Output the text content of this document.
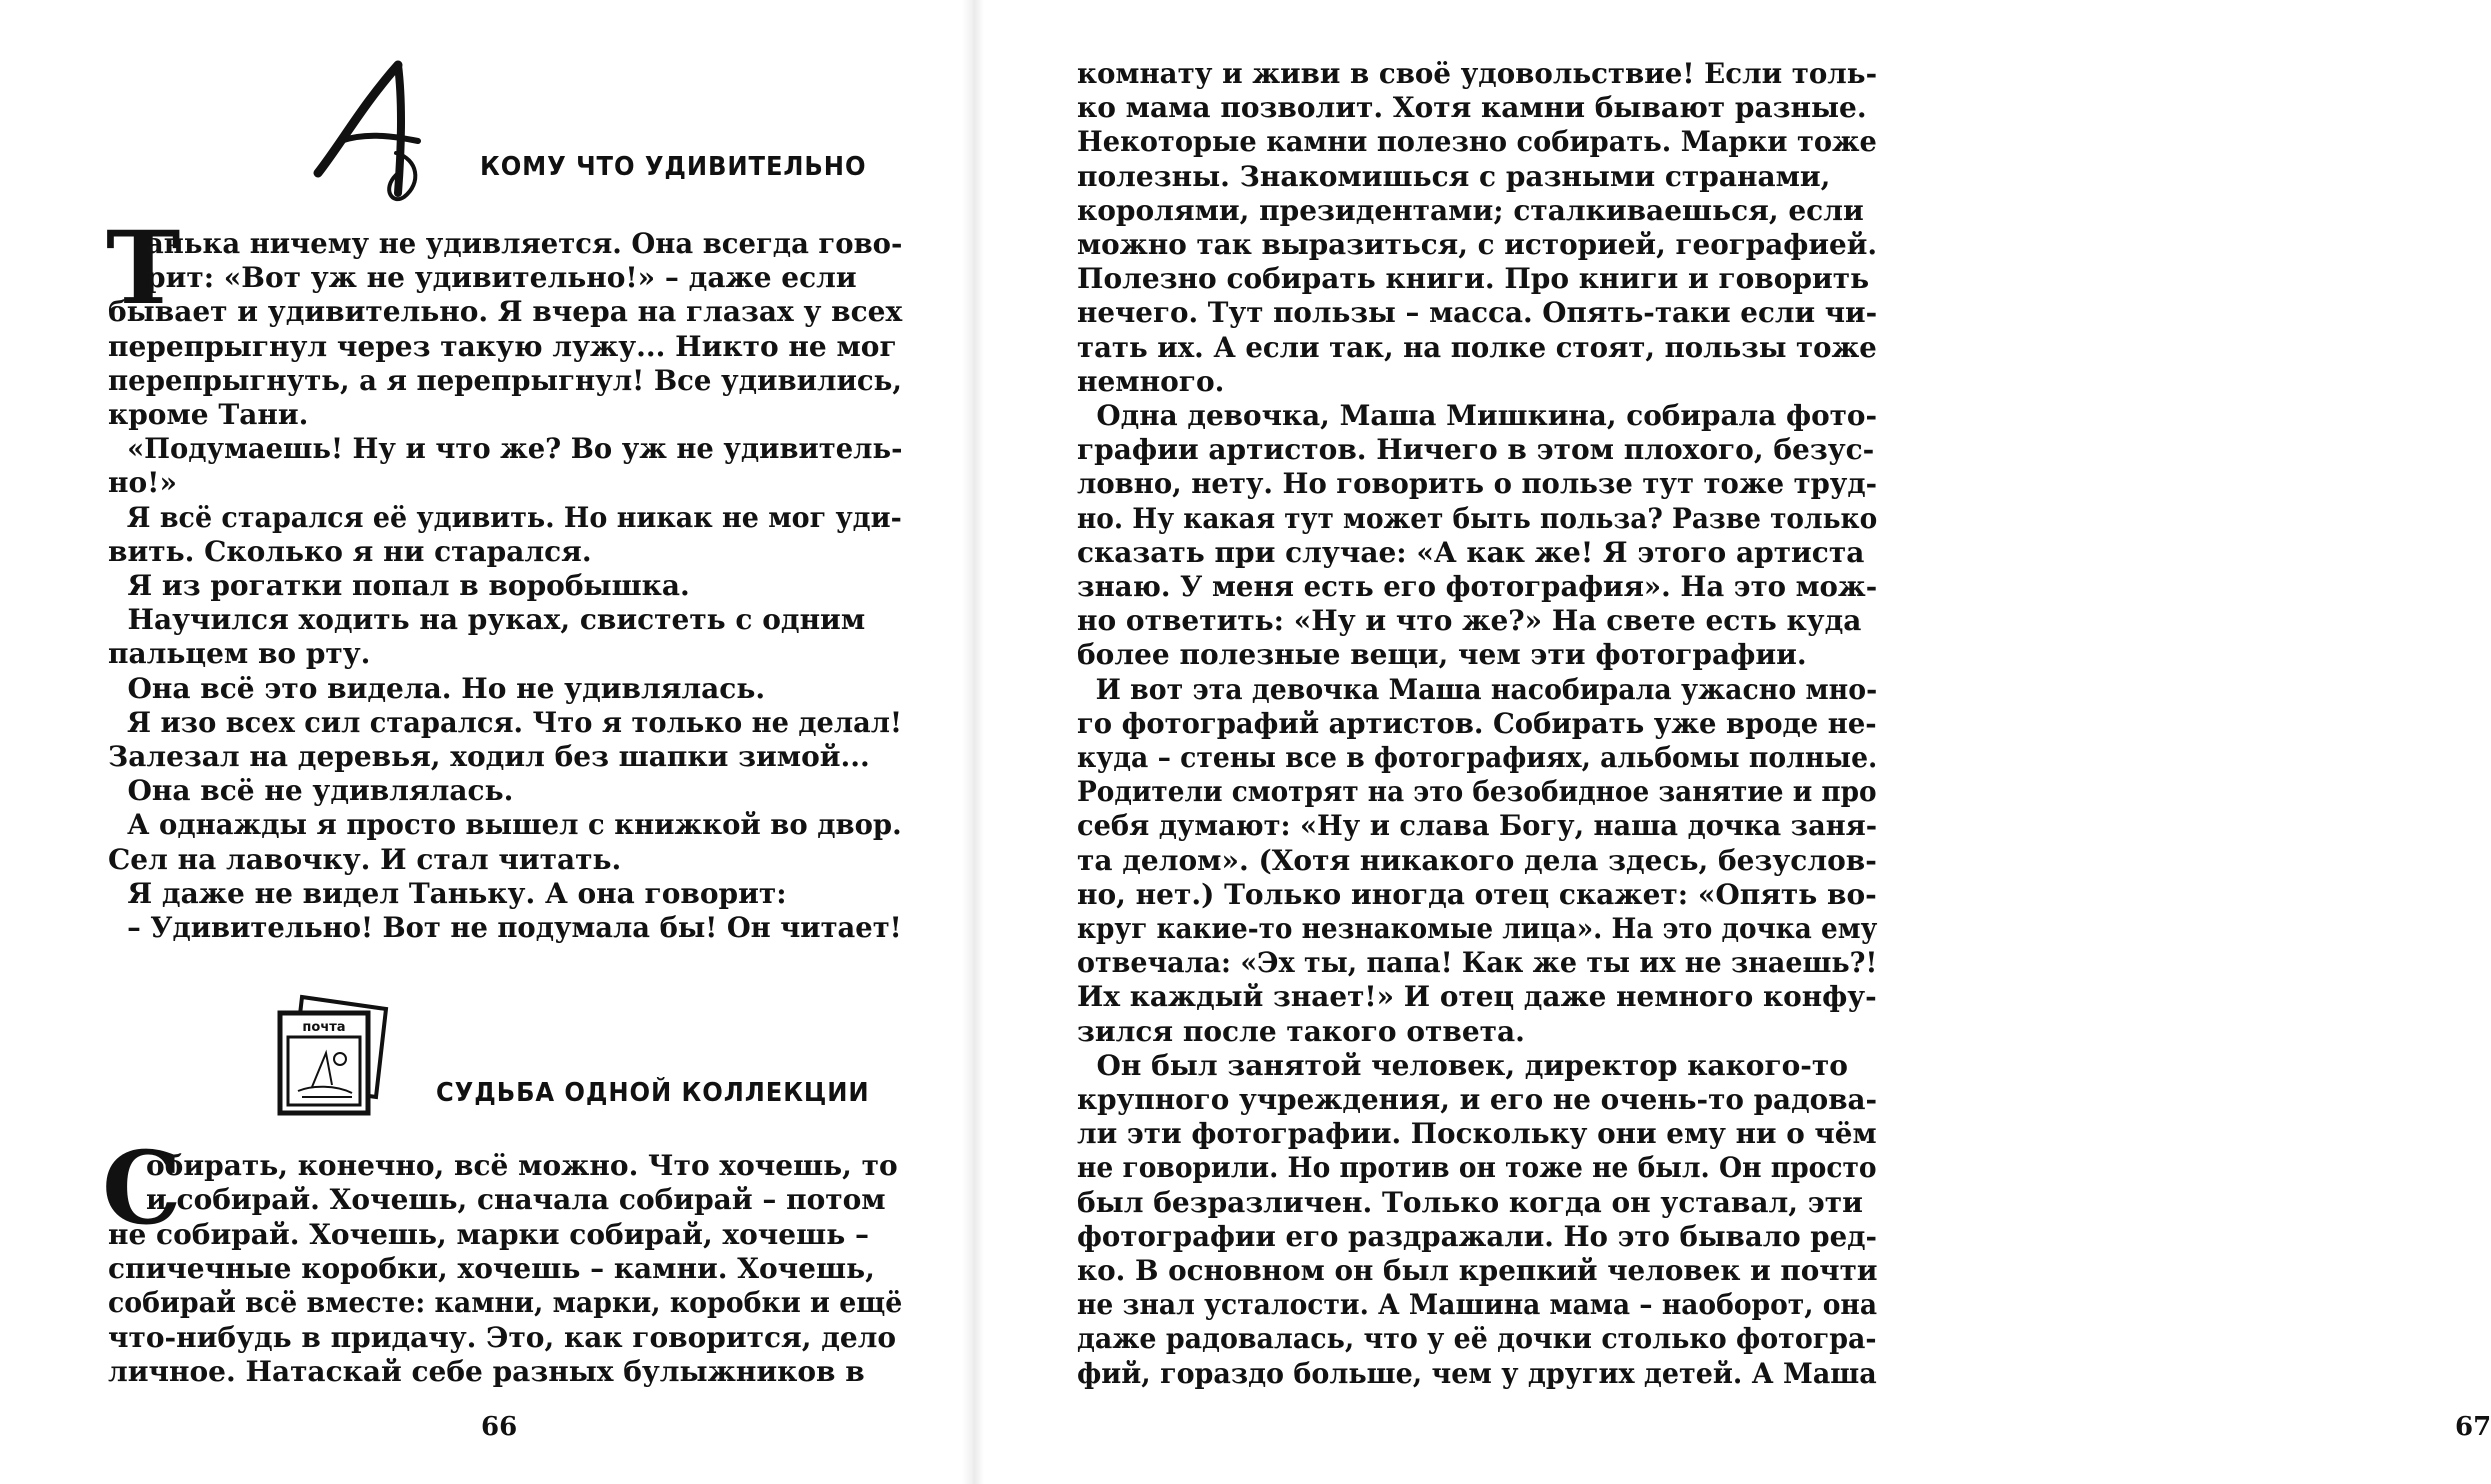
КОМУ ЧТО УДИВИТЕЛЬНО
Т
почта
СУДЬБА ОДНОЙ КОЛЛЕКЦИИ
С
66
анька ничему не удивляется. Она всегда гово-
рит: «Вот уж не удивительно!» – даже если
бывает и удивительно. Я вчера на глазах у всех
перепрыгнул через такую лужу... Никто не мог
перепрыгнуть, а я перепрыгнул! Все удивились,
кроме Тани.
«Подумаешь! Ну и что же? Во уж не удивитель-
но!»
Я всё старался её удивить. Но никак не мог уди-
вить. Сколько я ни старался.
Я из рогатки попал в воробышка.
Научился ходить на руках, свистеть с одним
пальцем во рту.
Она всё это видела. Но не удивлялась.
Я изо всех сил старался. Что я только не делал!
Залезал на деревья, ходил без шапки зимой...
Она всё не удивлялась.
А однажды я просто вышел с книжкой во двор.
Сел на лавочку. И стал читать.
Я даже не видел Таньку. А она говорит:
– Удивительно! Вот не подумала бы! Он читает!
обирать, конечно, всё можно. Что хочешь, то
и собирай. Хочешь, сначала собирай – потом
не собирай. Хочешь, марки собирай, хочешь –
спичечные коробки, хочешь – камни. Хочешь,
собирай всё вместе: камни, марки, коробки и ещё
что-нибудь в придачу. Это, как говорится, дело
личное. Натаскай себе разных булыжников в
67
комнату и живи в своё удовольствие! Если толь-
ко мама позволит. Хотя камни бывают разные.
Некоторые камни полезно собирать. Марки тоже
полезны. Знакомишься с разными странами,
королями, президентами; сталкиваешься, если
можно так выразиться, с историей, географией.
Полезно собирать книги. Про книги и говорить
нечего. Тут пользы – масса. Опять-таки если чи-
тать их. А если так, на полке стоят, пользы тоже
немного.
Одна девочка, Маша Мишкина, собирала фото-
графии артистов. Ничего в этом плохого, безус-
ловно, нету. Но говорить о пользе тут тоже труд-
но. Ну какая тут может быть польза? Разве только
сказать при случае: «А как же! Я этого артиста
знаю. У меня есть его фотография». На это мож-
но ответить: «Ну и что же?» На свете есть куда
более полезные вещи, чем эти фотографии.
И вот эта девочка Маша насобирала ужасно мно-
го фотографий артистов. Собирать уже вроде не-
куда – стены все в фотографиях, альбомы полные.
Родители смотрят на это безобидное занятие и про
себя думают: «Ну и слава Богу, наша дочка заня-
та делом». (Хотя никакого дела здесь, безуслов-
но, нет.) Только иногда отец скажет: «Опять во-
круг какие-то незнакомые лица». На это дочка ему
отвечала: «Эх ты, папа! Как же ты их не знаешь?!
Их каждый знает!» И отец даже немного конфу-
зился после такого ответа.
Он был занятой человек, директор какого-то
крупного учреждения, и его не очень-то радова-
ли эти фотографии. Поскольку они ему ни о чём
не говорили. Но против он тоже не был. Он просто
был безразличен. Только когда он уставал, эти
фотографии его раздражали. Но это бывало ред-
ко. В основном он был крепкий человек и почти
не знал усталости. А Машина мама – наоборот, она
даже радовалась, что у её дочки столько фотогра-
фий, гораздо больше, чем у других детей. А Маша
